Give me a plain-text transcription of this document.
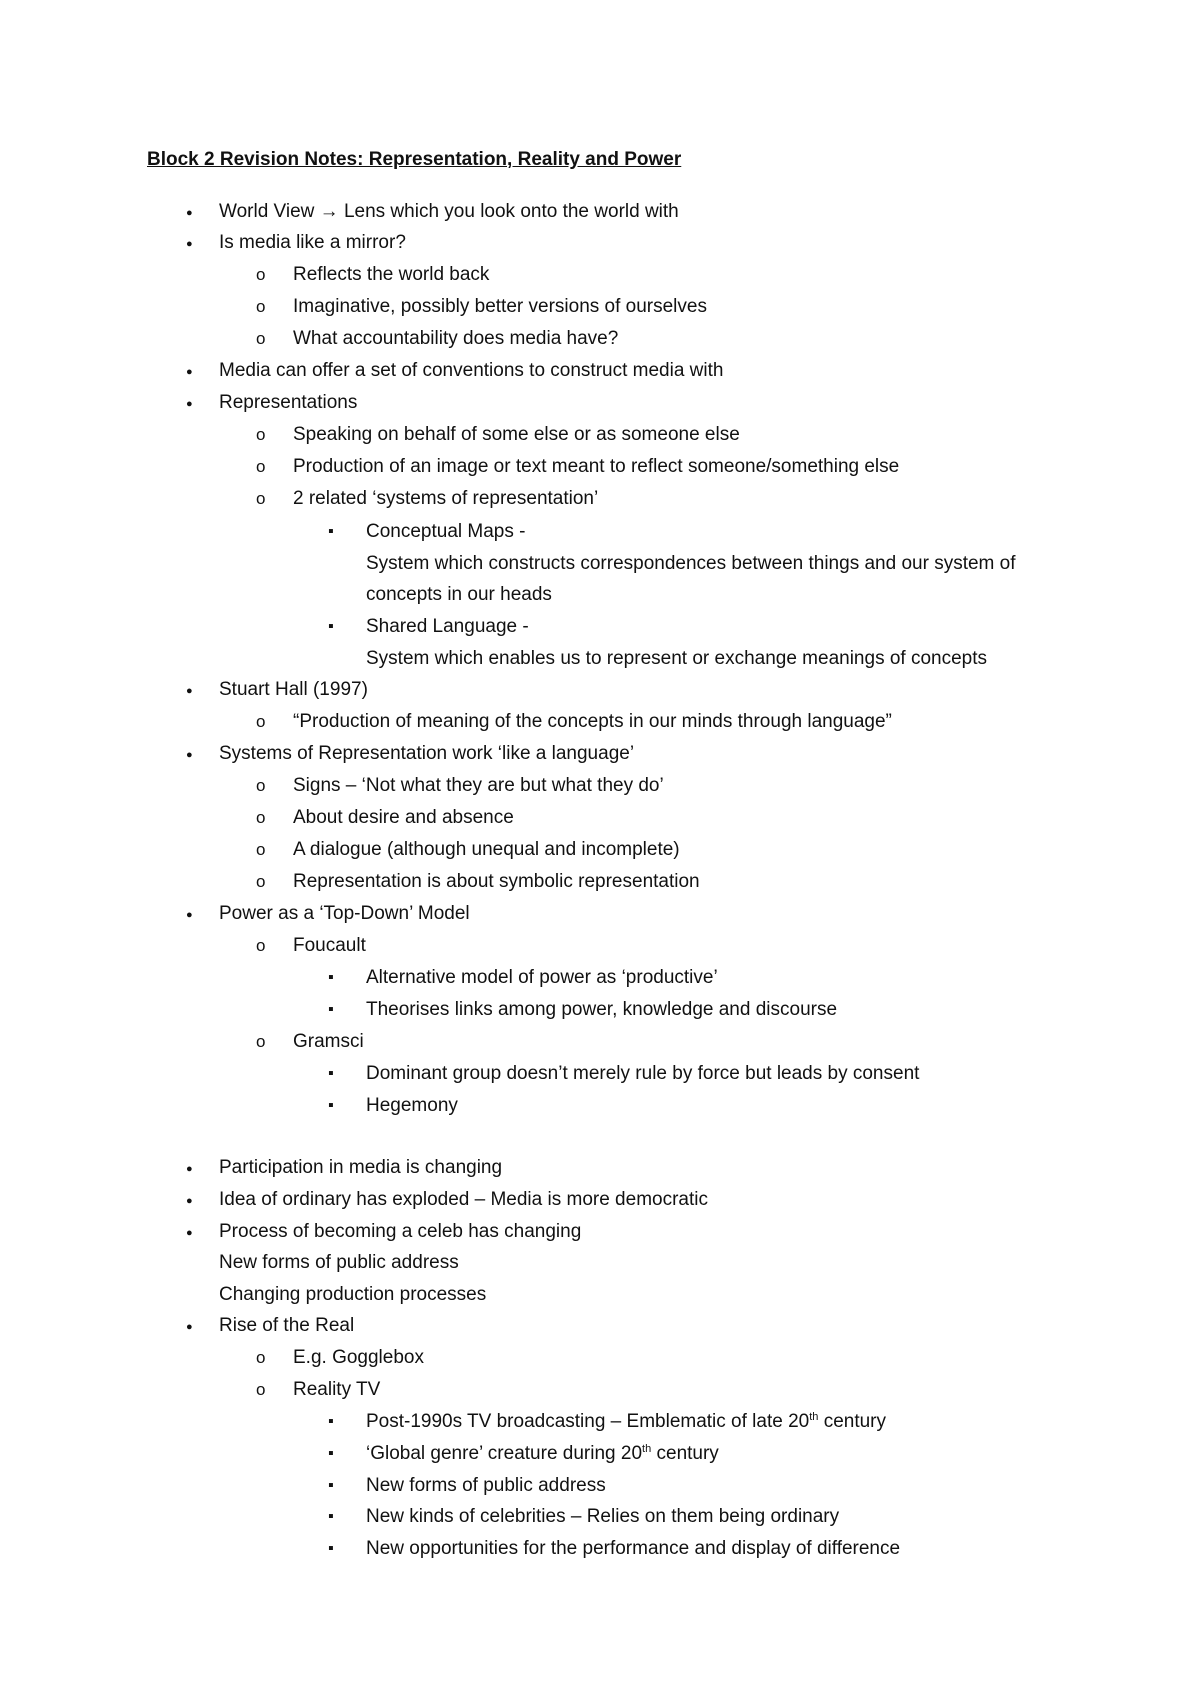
Block 2 Revision Notes: Representation, Reality and Power
●
World View → Lens which you look onto the world with
●
Is media like a mirror?
o
Reflects the world back
o
Imaginative, possibly better versions of ourselves
o
What accountability does media have?
●
Media can offer a set of conventions to construct media with
●
Representations
o
Speaking on behalf of some else or as someone else
o
Production of an image or text meant to reflect someone/something else
o
2 related ‘systems of representation’
▪
Conceptual Maps -
System which constructs correspondences between things and our system of
concepts in our heads
▪
Shared Language -
System which enables us to represent or exchange meanings of concepts
●
Stuart Hall (1997)
o
“Production of meaning of the concepts in our minds through language”
●
Systems of Representation work ‘like a language’
o
Signs – ‘Not what they are but what they do’
o
About desire and absence
o
A dialogue (although unequal and incomplete)
o
Representation is about symbolic representation
●
Power as a ‘Top-Down’ Model
o
Foucault
▪
Alternative model of power as ‘productive’
▪
Theorises links among power, knowledge and discourse
o
Gramsci
▪
Dominant group doesn’t merely rule by force but leads by consent
▪
Hegemony
●
Participation in media is changing
●
Idea of ordinary has exploded – Media is more democratic
●
Process of becoming a celeb has changing
New forms of public address
Changing production processes
●
Rise of the Real
o
E.g. Gogglebox
o
Reality TV
▪
Post-1990s TV broadcasting – Emblematic of late 20th century
▪
‘Global genre’ creature during 20th century
▪
New forms of public address
▪
New kinds of celebrities – Relies on them being ordinary
▪
New opportunities for the performance and display of difference
